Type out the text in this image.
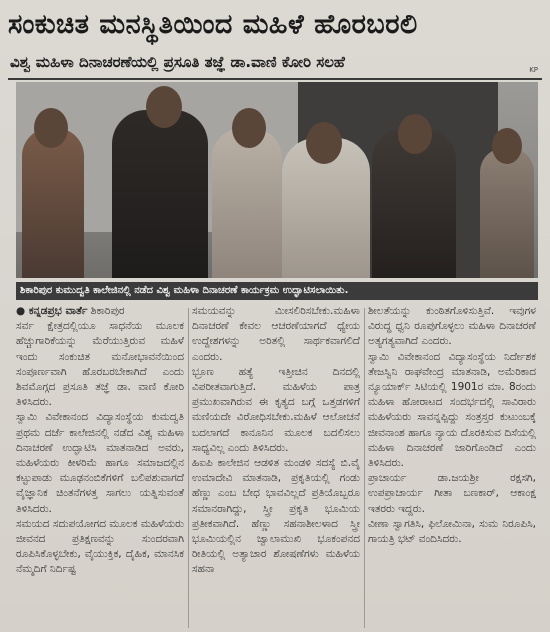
ಸಂಕುಚಿತ ಮನಸ್ಥಿತಿಯಿಂದ ಮಹಿಳೆ ಹೊರಬರಲಿ
ವಿಶ್ವ ಮಹಿಳಾ ದಿನಾಚರಣೆಯಲ್ಲಿ ಪ್ರಸೂತಿ ತಜ್ಞೆ ಡಾ.ವಾಣಿ ಕೋರಿ ಸಲಹೆ	KP
ಶಿಕಾರಿಪುರ ಕುಮುದ್ವತಿ ಕಾಲೇಜಿನಲ್ಲಿ ನಡೆದ ವಿಶ್ವ ಮಹಿಳಾ ದಿನಾಚರಣೆ ಕಾರ್ಯಕ್ರಮ ಉದ್ಘಾಟಿಸಲಾಯಿತು.

● ಕನ್ನಡಪ್ರಭ ವಾರ್ತೆ ಶಿಕಾರಿಪುರ

ಸರ್ವ ಕ್ಷೇತ್ರದಲ್ಲಿಯೂ ಸಾಧನೆಯ ಮೂಲಕ ಹೆಚ್ಚುಗಾರಿಕೆಯನ್ನು ಮೆರೆಯುತ್ತಿರುವ ಮಹಿಳೆ ಇಂದು ಸಂಕುಚಿತ ಮನೋಭಾವನೆಯಿಂದ ಸಂಪೂರ್ಣವಾಗಿ ಹೊರಬರಬೇಕಾಗಿದೆ ಎಂದು ಶಿವಮೊಗ್ಗದ ಪ್ರಸೂತಿ ತಜ್ಞೆ ಡಾ. ವಾಣಿ ಕೋರಿ ತಿಳಿಸಿದರು.

ಸ್ವಾಮಿ ವಿವೇಕಾನಂದ ವಿದ್ಯಾಸಂಸ್ಥೆಯ ಕುಮದ್ವತಿ ಪ್ರಥಮ ದರ್ಜೆ ಕಾಲೇಜಿನಲ್ಲಿ ನಡೆದ ವಿಶ್ವ ಮಹಿಳಾ ದಿನಾಚರಣೆ ಉದ್ಘಾಟಿಸಿ ಮಾತನಾಡಿದ ಅವರು, ಮಹಿಳೆಯರು ಕೀಳರಿಮೆ ಹಾಗೂ ಸಮಾಜದಲ್ಲಿನ ಕಟ್ಟುಪಾಡು ಮೂಢನಂಬಿಕೆಗಳಿಗೆ ಬಲಿಪಶುವಾಗದೆ ವೈಜ್ಞಾನಿಕ ಚಿಂತನೆಗಳತ್ತ ಸಾಗಲು ಯತ್ನಿಸುವಂತೆ ತಿಳಿಸಿದರು.

ಸಮಯದ ಸದುಪಯೋಗದ ಮೂಲಕ ಮಹಿಳೆಯರು ಜೀವನದ ಪ್ರತಿಕ್ಷಣವನ್ನು ಸುಂದರವಾಗಿ ರೂಪಿಸಿಕೊಳ್ಳಬೇಕು, ವೈಯುಕ್ತಿಕ, ದೈಹಿಕ, ಮಾನಸಿಕ ನೆಮ್ಮದಿಗೆ ನಿರ್ದಿಷ್ಟ

ಸಮಯವನ್ನು ಮೀಸಲಿರಿಸಬೇಕು.ಮಹಿಳಾ ದಿನಾಚರಣೆ ಕೇವಲ ಆಚರಣೆಯಾಗದೆ ಧ್ಯೇಯ ಉದ್ದೇಶಗಳನ್ನು ಅರಿತಲ್ಲಿ ಸಾರ್ಥಕವಾಗಲಿದೆ ಎಂದರು.

ಭ್ರೂಣ ಹತ್ಯೆ ಇತ್ತೀಚಿನ ದಿನದಲ್ಲಿ ವಿಪರೀತವಾಗುತ್ತಿದೆ. ಮಹಿಳೆಯ ಪಾತ್ರ ಪ್ರಮುಖವಾಗಿರುವ ಈ ಕೃತ್ಯದ ಬಗ್ಗೆ ಒತ್ತಡಗಳಿಗೆ ಮಣಿಯದೇ ವಿರೋಧಿಸಬೇಕು.ಮಹಿಳೆ ಆಲೋಚನೆ ಬದಲಾಗದೆ ಕಾನೂನಿನ ಮೂಲಕ ಬದಲಿಸಲು ಸಾಧ್ಯವಿಲ್ಲ ಎಂದು ತಿಳಿಸಿದರು.

ಹಿಐಪಿ ಕಾಲೇಜಿನ ಆಡಳಿತ ಮಂಡಳಿ ಸದಸ್ಯೆ ಬಿ.ವೈ ಉಮಾದೇವಿ ಮಾತನಾಡಿ, ಪ್ರಕೃತಿಯಲ್ಲಿ ಗಂಡು ಹೆಣ್ಣು ಎಂಬ ಬೇಧ ಭಾವವಿಲ್ಲದೆ ಪ್ರತಿಯೊಬ್ಬರೂ ಸಮಾನರಾಗಿದ್ದು, ಸ್ತ್ರೀ ಪ್ರಕೃತಿ ಭೂಮಿಯ ಪ್ರತೀಕವಾಗಿದೆ. ಹೆಣ್ಣು ಸಹನಾಶೀಲಳಾದ ಸ್ತ್ರೀ ಭೂಮಿಯಲ್ಲಿನ ಜ್ವಾಲಾಮುಖಿ ಭೂಕಂಪನದ ರೀತಿಯಲ್ಲಿ ಅತ್ಯಾಚಾರ ಶೋಷಣೆಗಳು ಮಹಿಳೆಯ ಸಹನಾ

ಶೀಲತೆಯನ್ನು ಕುಂಠಿತಗೊಳಿಸುತ್ತಿವೆ. ಇವುಗಳ ವಿರುದ್ಧ ಧ್ವನಿ ರೂಪುಗೊಳ್ಳಲು ಮಹಿಳಾ ದಿನಾಚರಣೆ ಅತ್ಯಗತ್ಯವಾಗಿದೆ ಎಂದರು.

ಸ್ವಾಮಿ ವಿವೇಕಾನಂದ ವಿದ್ಯಾಸಂಸ್ಥೆಯ ನಿರ್ದೇಶಕ ತೇಜಸ್ವಿನಿ ರಾಘವೇಂದ್ರ ಮಾತನಾಡಿ, ಅಮೆರಿಕಾದ ನ್ಯೂಯಾರ್ಕ್ ಸಿಟಿಯಲ್ಲಿ 1901ರ ಮಾ. 8ರಂದು ಮಹಿಳಾ ಹೋರಾಟದ ಸಂದರ್ಭದಲ್ಲಿ ಸಾವಿರಾರು ಮಹಿಳೆಯರು ಸಾವನ್ನಪ್ಪಿದ್ದು ಸಂತ್ರಸ್ತರ ಕುಟುಂಬಕ್ಕೆ ಜೀವನಾಂಶ ಹಾಗೂ ನ್ಯಾಯ ದೊರಕಿಸುವ ದಿಸೆಯಲ್ಲಿ ಮಹಿಳಾ ದಿನಾಚರಣೆ ಜಾರಿಗೊಂಡಿದೆ ಎಂದು ತಿಳಿಸಿದರು.

ಪ್ರಾಚಾರ್ಯ ಡಾ.ಜಯಶ್ರೀ ರಕ್ಷಸಗಿ, ಉಪಪ್ರಾಚಾರ್ಯ ಗೀತಾ ಬಣಕಾರ್, ಆಕಾಂಕ್ಷ ಇತರರು ಇದ್ದರು.

ವೀಣಾ ಸ್ವಾಗತಿಸಿ, ಫಿಲೋಮಿನಾ, ಸುಮ ನಿರೂಪಿಸಿ, ಗಾಯತ್ರಿ ಭಟ್ ವಂದಿಸಿದರು.
